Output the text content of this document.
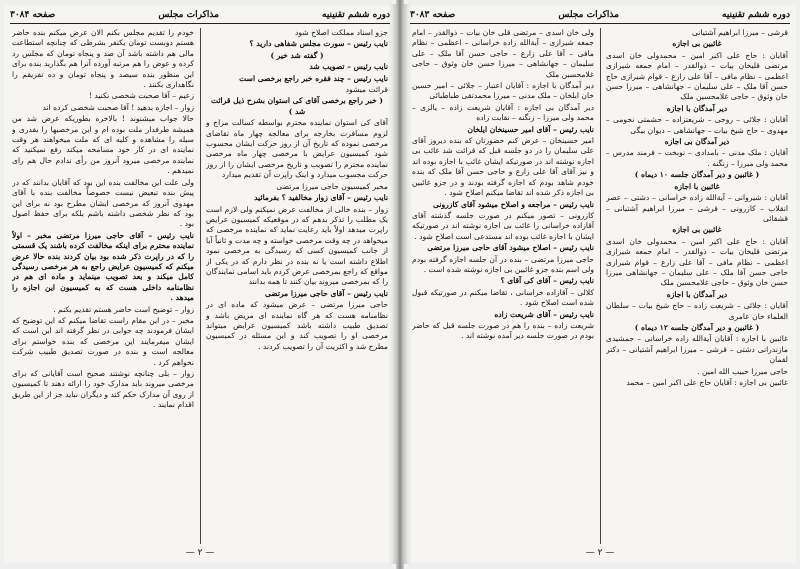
دوره ششم تقنینیه
مذاکرات مجلس
صفحه ۳۰۸۴

جزو اسناد مملکت اصلاح شود

نایب رئیس – سورت مجلس شفاهی دارید ؟

( گفته شد خیر )

نایب رئیس – تصویب شد

نایب رئیس – چند فقره خبر راجع برخصی است

قرائت میشود

( خبر راجع برخصی آقای کی استوان بشرح ذیل قرائت شد )

آقای کی استوان نماینده محترم بواسطه کسالت مزاج و لزوم مسافرت بخارجه برای معالجه چهار ماه تقاضای مرخصی نموده که تاریخ آن از روز حرکت ایشان محسوب شود کمیسیون عرایض با مرخصی چهار ماه مرخصی نماینده محترم را تصویب و تاریخ مرخصی ایشان را از روز حرکت محسوب میدارد و اینک راپرت آن تقدیم میدارد

مخبر کمیسیون حاجی میرزا مرتضی

نایب رئیس – آقای زوار مخالفید ؟ بفرمائید

زوار – بنده خالی از مخالفت عرض نمیکنم ولی لازم است یک مطلب را تذکر بدهم که در موقعیکه کمیسیون عرایض راپرت میدهد اولاً باید رعایت نماید که نماینده مرخصی که میخواهد در چه وقت مرخصی خواسته و چه مدت و ثانیاً آیا از جانب کمیسیون کسی که رسیدگی به مرخصی نمود اطلاع داشته است یا نه بنده در نظر دارم که در یکی از مواقع که راجع بمرخصی عرض کردم باید اسامی نمایندگان را که بمرخصی میروند بیان کنند تا همه بدانند

نایب رئیس – آقای حاجی میرزا مرتضی

حاجی میرزا مرتضی – عرض میشود که ماده ای در نظامنامه هست که هر گاه نماینده ای مریض باشد و تصدیق طبیب داشته باشد کمیسیون عرایض میتواند مرخصی او را تصویب کند و این مسئله در کمیسیون مطرح شد و اکثریت آن را تصویب کردند .

خودم را تقدیم مجلس بکنم الان عرض میکنم بنده حاضر هستم دوبست تومان یکنفر بشرطی که چنانچه استطاعت مالی هم داشته باشد آن صد و پنجاه تومان که مجلس رد کرده و عوض را هم مرتبه آورده آنرا هم بگذارید بنده برای این منظور بنده سیصد و پنجاه تومان و ده تفریقم را نگاهداری بکنند .

زعیم – آقا صحبت شخصی نکنید !

زوار – اجازه بدهید ! آقا صحبت شخصی کرده اند

حالا جواب میشنوند ! بالاخره بطوریکه عرض شد من همیشه طرفدار ملت بوده ام و این مرخصیها را بقدری و سیله را مشاهده و کلیه ای که ملت میخواهند هر وقت نماینده ای در کار خود مسامحه میکند رفع نمیکنید که نماینده مرخصی میرود آنروز من رأی ندادم حال هم رای نمیدهم .

ولی علت این مخالفت بنده این بود که آقایان بدانند که در پیش بنده تبعیض نیست خصوصاً مخالفت بنده با آقای مهدوی آنروز که مرخصی ایشان مطرح بود نه برای این بود که نظر شخصی داشته باشم بلکه برای حفظ اصول بود .

نایب رئیس – آقای حاجی میرزا مرتضی مخبر – اولاً نماینده محترم برای اینکه مخالفت کرده باشند یک قسمتی را که در راپرت ذکر شده بود بیان کردند بنده حالا عرض میکنم که کمیسیون عرایض راجع به هر مرخصی رسیدگی کامل میکند و بعد تصویب مینماید و ماده ای هم در نظامنامه داخلی هست که به کمیسیون این اجازه را میدهد .

زوار – توضیح است حاضر هستم تقدیم بکنم .

مخبر – در این مقام راست تقاضا میکنم که این توضیح که ایشان فرمودند چه جوابی در نظر گرفته اند این است که ایشان میفرمایند این مرخصی که بنده خواستم برای معالجه است و بنده در صورت تصدیق طبیب شرکت نخواهم کرد .

زوار – بلی چنانچه نوشتند صحیح است آقایانی که برای مرخصی میروند باید مدارک خود را ارائه دهند تا کمیسیون از روی آن مدارک حکم کند و دیگران نباید جز از این طریق اقدام نمایند .

— ۲ —
دوره ششم تقنینیه
مذاکرات مجلس
صفحه ۳۰۸۳

قرشی – میرزا ابراهیم آشتیانی

غائبین بی اجازه

آقایان : حاج علی اکبر امین – محمدولی خان اسدی مرتضی قلیخان بیات – ذوالقدر – امام جمعه شیرازی اعظمی – نظام مافی – آقا علی زارع – قوام شیرازی حاج حسن آقا ملک – علی سلیمان – جهانشاهی – میرزا حسن خان وثوق – حاجی غلامحسین ملک

دیر آمدگان با اجازه

آقایان : جلائی – روحی – شریعتزاده – حشمتی نجومی – مهدوی – حاج شیخ بیات – جهانشاهی – دیوان بیگی

دیر آمدگان بی اجازه

آقایان : ملک مدنی – بامدادی – نوبخت – فرمند مدرس – محمد ولی میرزا – زنگنه .

( غائبین و دیر آمدگان جلسه ۱۰ دیماه )

غائبین با اجازه

آقایان : شیروانی – آیةالله زاده خراسانی – دشتی – عصر انقلاب – کازرونی – قرشی – میرزا ابراهیم آشتیانی – قشقائی

غائبین بی اجازه

آقایان : حاج علی اکبر امین – محمدولی خان اسدی مرتضی قلیخان بیات – ذوالقدر – امام جمعه شیرازی اعظمی – نظام مافی – آقا علی زارع – قوام شیرازی حاجی حسن آقا ملک – علی سلیمان – جهانشاهی میرزا حسن خان وثوق – حاجی غلامحسین ملک

دیر آمدگان با اجازه

آقایان : جلائی – شریعت زاده – حاج شیخ بیات – سلطان العلماء خان عامری

( غائبین و دیر آمدگان جلسه ۱۲ دیماه )

غائبین با اجازه : آقایان آیةالله زاده خراسانی – جمشیدی مازندرانی دشتی – قرشی – میرزا ابراهیم آشتیانی – دکتر لقمان

حاجی میرزا حبیب الله امین .

غائبین بی اجازه : آقایان حاج علی اکبر امین – محمد

ولی خان اسدی – مرتضی قلی خان بیات – ذوالقدر – امام جمعه شیرازی – آیةالله زاده خراسانی – اعظمی – نظام مافی – آقا علی زارع – حاجی حسن آقا ملک – علی سلیمان – جهانشاهی – میرزا حسن خان وثوق – حاجی غلامحسین ملک

دیر آمدگان با اجازه : آقایان اعتبار – جلائی – امیر حسین خان ایلخان – ملک مدنی – میرزا محمدتقی طباطبائی

دیر آمدگان بی اجازه : آقایان شریعت زاده – یالزی – محمد ولی میرزا – زنگنه – نقابت زاده

نایب رئیس – آقای امیر حسینخان ایلخان

امیر حسینخان – عرض کنم حضورتان که بنده دیروز آقای علی سلیمان را در دو جلسه قبل که قرائت شد غائب بی اجازه نوشته اند در صورتیکه ایشان غائب با اجازه بوده اند و نیز آقای آقا علی زارع و حاجی حسن آقا ملک که بنده خودم شاهد بودم که اجازه گرفته بودند و در جزو غائبین بی اجازه ذکر شده اند تقاضا میکنم اصلاح شود .

نایب رئیس – مراجعه و اصلاح میشود آقای کازرونی

کازرونی – تصور میکنم در صورت جلسه گذشته آقای آقازاده خراسانی را غائب بی اجازه نوشته اند در صورتیکه ایشان با اجازه غائب بوده اند مستدعی است اصلاح شود .

نایب رئیس – اصلاح میشود آقای حاجی میرزا مرتضی

حاجی میرزا مرتضی – بنده در آن جلسه اجازه گرفته بودم ولی اسم بنده جزو غائبین بی اجازه نوشته شده است .

نایب رئیس – آقای کی آقای ؟

کلالی – آقازاده خراسانی ، تقاضا میکنم در صورتیکه قبول شده است اصلاح شود .

نایب رئیس – آقای شریعت زاده

شریعت زاده – بنده را هم در صورت جلسه قبل که حاضر بودم در صورت جلسه دیر آمده نوشته اند .

— ۲ —
